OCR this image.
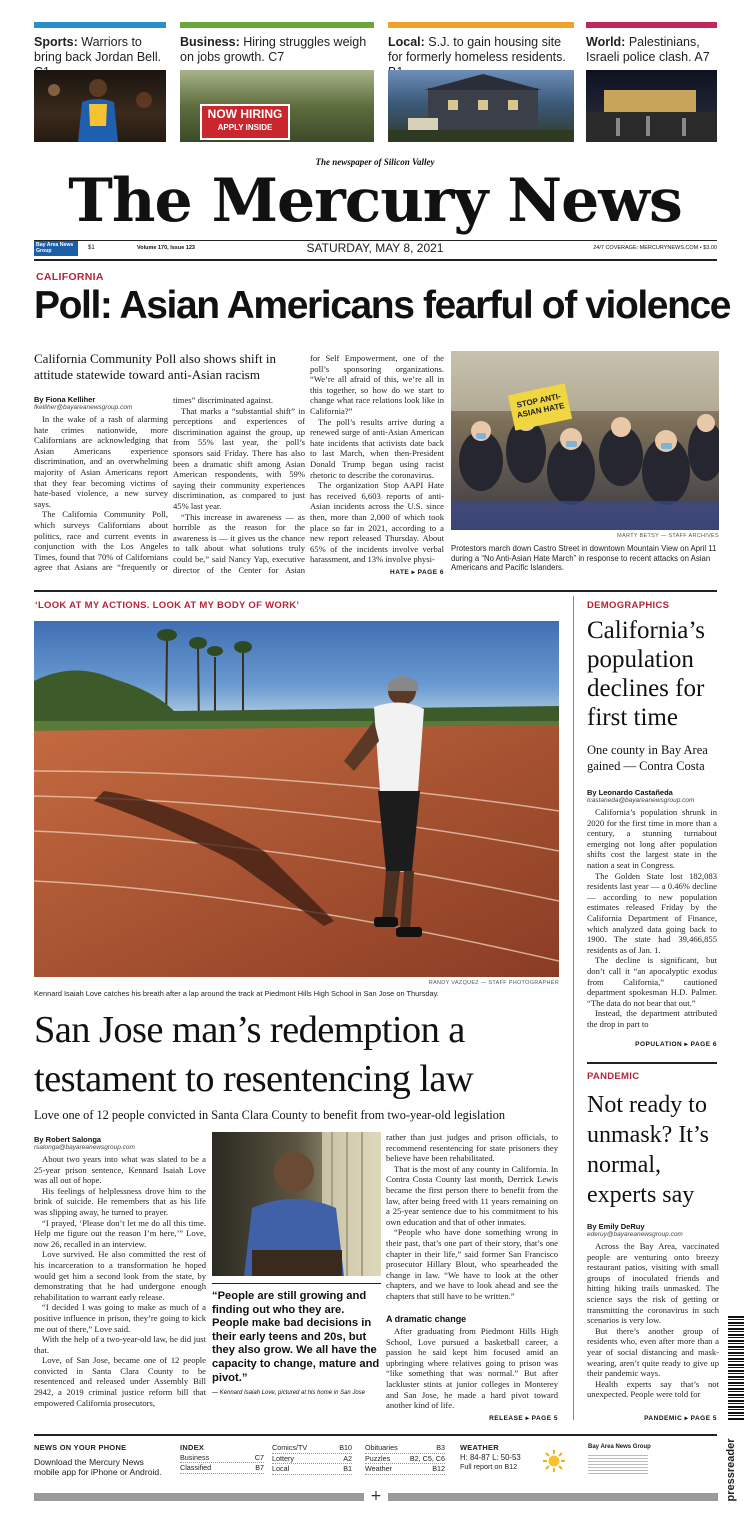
Sports: Warriors to bring back Jordan Bell.
Business: Hiring struggles weigh on jobs growth. C7
NOW HIRING
APPLY INSIDE
Local: S.J. to gain housing site for formerly homeless residents.
World: Palestinians, Israeli police clash. A7
The newspaper of Silicon Valley
The Mercury News
Bay Area News Group	$1	Volume 170, Issue 123	SATURDAY, MAY 8, 2021	24/7 COVERAGE: MERCURYNEWS.COM • $3.00
CALIFORNIA
Poll: Asian Americans fearful of violence
California Community Poll also shows shift in attitude statewide toward anti-Asian racism
By Fiona Kelliher
fkelliher@bayareanewsgroup.com

In the wake of a rash of alarming hate crimes nationwide, more Californians are acknowledging that Asian Americans experience discrimination, and an overwhelming majority of Asian Americans report that they fear becoming victims of hate-based violence, a new survey says.

The California Community Poll, which surveys Californians about politics, race and current events in conjunction with the Los Angeles Times, found that 70% of Californians agree that Asians are “frequently or

times” discriminated against.

That marks a “substantial shift” in perceptions and experiences of discrimination against the group, up from 55% last year, the poll’s sponsors said Friday. There has also been a dramatic shift among Asian American respondents, with 59% saying their community experiences discrimination, as compared to just 45% last year.

“This increase in awareness — as horrible as the reason for the awareness is — it gives us the chance to talk about what solutions truly could be,” said Nancy Yap, executive director of the Center for Asian

for Self Empowerment, one of the poll’s sponsoring organizations. “We’re all afraid of this, we’re all in this together, so how do we start to change what race relations look like in California?”

The poll’s results arrive during a renewed surge of anti-Asian American hate incidents that activists date back to last March, when then-President Donald Trump began using racist rhetoric to describe the coronavirus.

The organization Stop AAPI Hate has received 6,603 reports of anti-Asian incidents across the U.S. since then, more than 2,000 of which took place so far in 2021, according to a new report released Thursday. About 65% of the incidents involve verbal harassment, and 13% involve physi-

HATE ▸ PAGE 6
STOP ANTI-ASIAN HATE
MARTY BETSY — STAFF ARCHIVES
Protestors march down Castro Street in downtown Mountain View on April 11 during a “No Anti-Asian Hate March” in response to recent attacks on Asian Americans and Pacific Islanders.
‘LOOK AT MY ACTIONS. LOOK AT MY BODY OF WORK’
RANDY VAZQUEZ — STAFF PHOTOGRAPHER
Kennard Isaiah Love catches his breath after a lap around the track at Piedmont Hills High School in San Jose on Thursday.
San Jose man’s redemption a
testament to resentencing law
Love one of 12 people convicted in Santa Clara County to benefit from two-year-old legislation
By Robert Salonga
rsalonga@bayareanewsgroup.com

About two years into what was slated to be a 25-year prison sentence, Kennard Isaiah Love was all out of hope.

His feelings of helplessness drove him to the brink of suicide. He remembers that as his life was slipping away, he turned to prayer.

“I prayed, ‘Please don’t let me do all this time. Help me figure out the reason I’m here,’” Love, now 26, recalled in an interview.

Love survived. He also committed the rest of his incarceration to a transformation he hoped would get him a second look from the state, by demonstrating that he had undergone enough rehabilitation to warrant early release.

“I decided I was going to make as much of a positive influence in prison, they’re going to kick me out of there,” Love said.

With the help of a two-year-old law, he did just that.

Love, of San Jose, became one of 12 people convicted in Santa Clara County to be resentenced and released under Assembly Bill 2942, a 2019 criminal justice reform bill that empowered California prosecutors,

“People are still growing and finding out who they are. People make bad decisions in their early teens and 20s, but they also grow. We all have the capacity to change, mature and pivot.”
— Kennard Isaiah Love, pictured at his home in San Jose

rather than just judges and prison officials, to recommend resentencing for state prisoners they believe have been rehabilitated.

That is the most of any county in California. In Contra Costa County last month, Derrick Lewis became the first person there to benefit from the law, after being freed with 11 years remaining on a 25-year sentence due to his commitment to his own education and that of other inmates.

“People who have done something wrong in their past, that’s one part of their story, that’s one chapter in their life,” said former San Francisco prosecutor Hillary Blout, who spearheaded the change in law. “We have to look at the other chapters, and we have to look ahead and see the chapters that still have to be written.”

A dramatic change

After graduating from Piedmont Hills High School, Love pursued a basketball career, a passion he said kept him focused amid an upbringing where relatives going to prison was “like something that was normal.” But after lackluster stints at junior colleges in Monterey and San Jose, he made a hard pivot toward another kind of life.

RELEASE ▸ PAGE 5
DEMOGRAPHICS
California’s population declines for first time
One county in Bay Area gained — Contra Costa
By Leonardo Castañeda
lcastaneda@bayareanewsgroup.com

California’s population shrunk in 2020 for the first time in more than a century, a stunning turnabout emerging not long after population shifts cost the largest state in the nation a seat in Congress.

The Golden State lost 182,083 residents last year — a 0.46% decline — according to new population estimates released Friday by the California Department of Finance, which analyzed data going back to 1900. The state had 39,466,855 residents as of Jan. 1.

The decline is significant, but don’t call it “an apocalyptic exodus from California,” cautioned department spokesman H.D. Palmer. “The data do not bear that out.”

Instead, the department attributed the drop in part to

POPULATION ▸ PAGE 6
PANDEMIC
Not ready to unmask? It’s normal, experts say
By Emily DeRuy
ederuy@bayareanewsgroup.com

Across the Bay Area, vaccinated people are venturing onto breezy restaurant patios, visiting with small groups of inoculated friends and hitting hiking trails unmasked. The science says the risk of getting or transmitting the coronavirus in such scenarios is very low.

But there’s another group of residents who, even after more than a year of social distancing and mask-wearing, aren’t quite ready to give up their pandemic ways.

Health experts say that’s not unexpected. People were told for

PANDEMIC ▸ PAGE 5
NEWS ON YOUR PHONE
Download the Mercury News mobile app for iPhone or Android.
INDEX
Business	C7
Classified	B7
Comics/TV	B10
Lottery	A2
Local	B1
Obituaries	B3
Puzzles	B2, C5, C6
Weather	B12
WEATHER
H: 84-87 L: 50-53
Full report on B12
Bay Area News Group	pressreader
+
